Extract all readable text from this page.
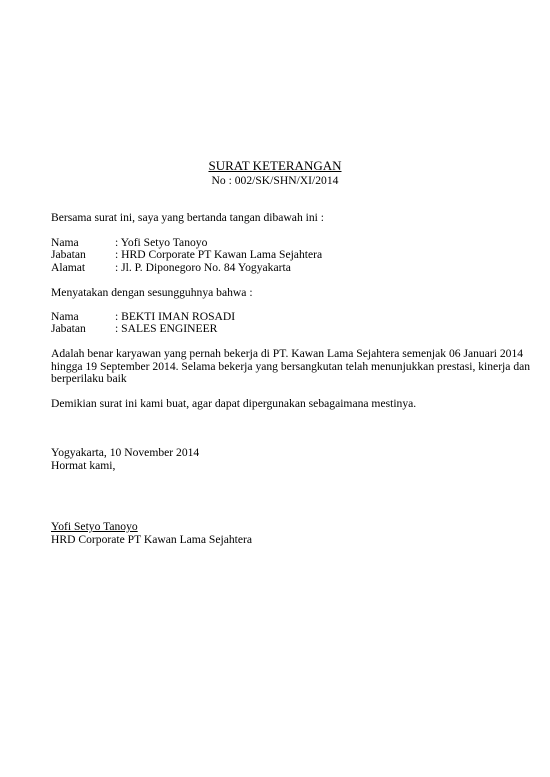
SURAT KETERANGAN
No : 002/SK/SHN/XI/2014
Bersama surat ini, saya yang bertanda tangan dibawah ini :
Nama	: Yofi Setyo Tanoyo
Jabatan	: HRD Corporate PT Kawan Lama Sejahtera
Alamat	: Jl. P. Diponegoro No. 84 Yogyakarta
Menyatakan dengan sesungguhnya bahwa :
Nama	: BEKTI IMAN ROSADI
Jabatan	: SALES ENGINEER
Adalah benar karyawan yang pernah bekerja di PT. Kawan Lama Sejahtera semenjak 06 Januari 2014
hingga 19 September 2014. Selama bekerja yang bersangkutan telah menunjukkan prestasi, kinerja dan
berperilaku baik
Demikian surat ini kami buat, agar dapat dipergunakan sebagaimana mestinya.
Yogyakarta, 10 November 2014
Hormat kami,
Yofi Setyo Tanoyo
HRD Corporate PT Kawan Lama Sejahtera
